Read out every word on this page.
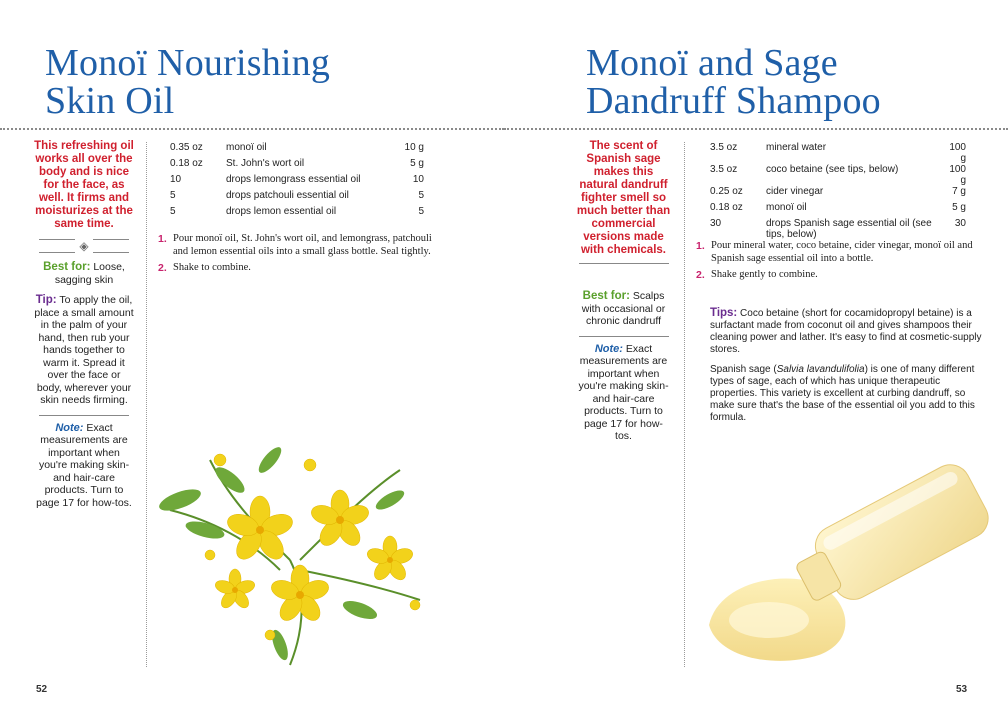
Monoï Nourishing
Skin Oil
This refreshing oil works all over the body and is nice for the face, as well. It firms and moisturizes at the same time.
◈
Best for: Loose, sagging skin
Tip: To apply the oil, place a small amount in the palm of your hand, then rub your hands together to warm it. Spread it over the face or body, wherever your skin needs firming.
Note: Exact measurements are important when you're making skin- and hair-care products. Turn to page 17 for how-tos.
0.35 oz	monoï oil	10 g
0.18 oz	St. John's wort oil	5 g
10	drops lemongrass essential oil	10
5	drops patchouli essential oil	5
5	drops lemon essential oil	5
1. Pour monoï oil, St. John's wort oil, and lemongrass, patchouli and lemon essential oils into a small glass bottle. Seal tightly.
2. Shake to combine.
52
Monoï and Sage
Dandruff Shampoo
The scent of Spanish sage makes this natural dandruff fighter smell so much better than commercial versions made with chemicals.
Best for: Scalps with occasional or chronic dandruff
Note: Exact measurements are important when you're making skin- and hair-care products. Turn to page 17 for how-tos.
3.5 oz	mineral water	100 g
3.5 oz	coco betaine (see tips, below)	100 g
0.25 oz	cider vinegar	7 g
0.18 oz	monoï oil	5 g
30	drops Spanish sage essential oil (see tips, below)	30
1. Pour mineral water, coco betaine, cider vinegar, monoï oil and Spanish sage essential oil into a bottle.
2. Shake gently to combine.

Tips: Coco betaine (short for cocamidopropyl betaine) is a surfactant made from coconut oil and gives shampoos their cleaning power and lather. It's easy to find at cosmetic-supply stores.

Spanish sage (Salvia lavandulifolia) is one of many different types of sage, each of which has unique therapeutic properties. This variety is excellent at curbing dandruff, so make sure that's the base of the essential oil you add to this formula.

53
